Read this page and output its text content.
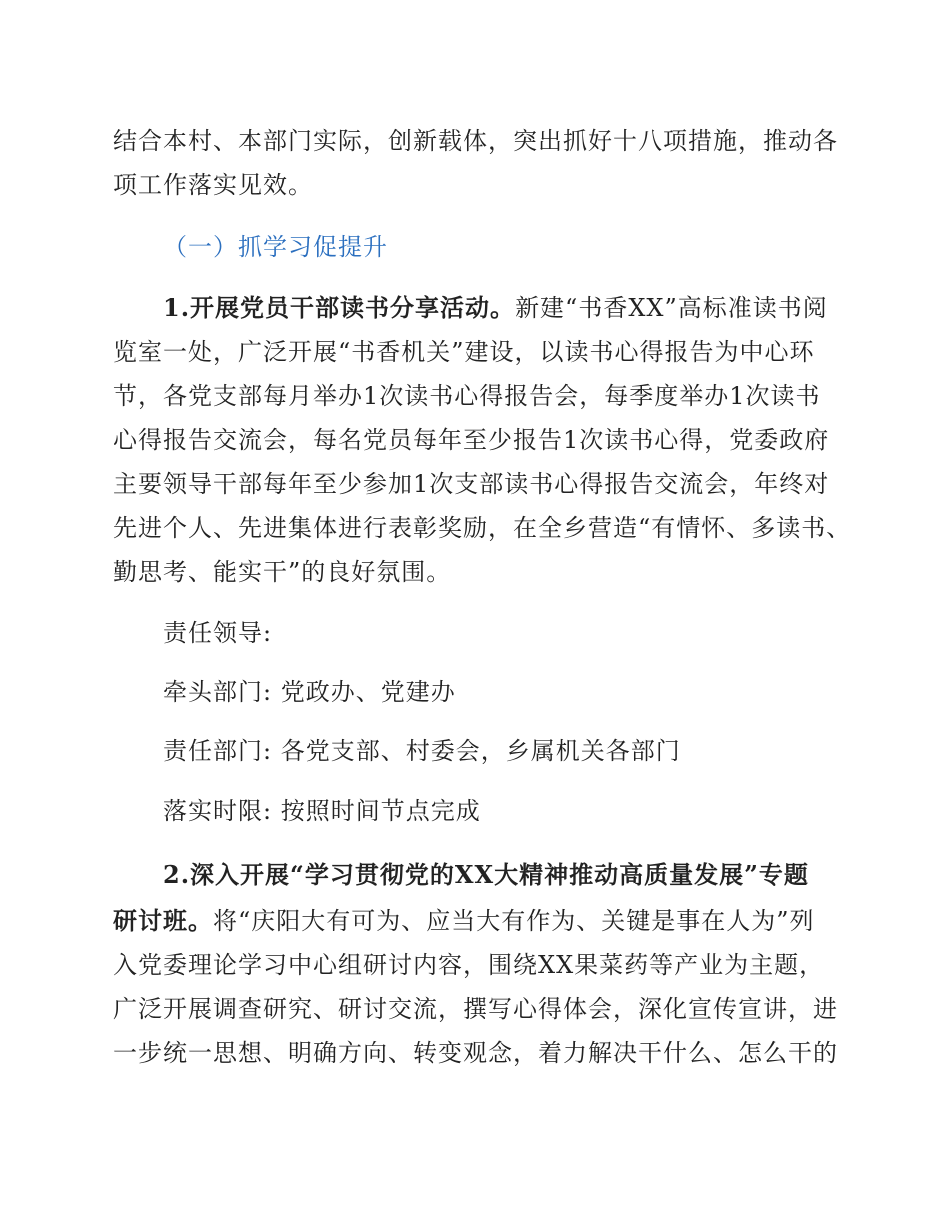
结合本村、本部门实际，创新载体，突出抓好十八项措施，推动各
项工作落实见效。
（一）抓学习促提升
1.开展党员干部读书分享活动。新建“书香XX”高标准读书阅
览室一处，广泛开展“书香机关”建设，以读书心得报告为中心环
节，各党支部每月举办1次读书心得报告会，每季度举办1次读书
心得报告交流会，每名党员每年至少报告1次读书心得，党委政府
主要领导干部每年至少参加1次支部读书心得报告交流会，年终对
先进个人、先进集体进行表彰奖励，在全乡营造“有情怀、多读书、
勤思考、能实干”的良好氛围。
责任领导:
牵头部门: 党政办、党建办
责任部门: 各党支部、村委会，乡属机关各部门
落实时限: 按照时间节点完成
2.深入开展“学习贯彻党的XX大精神推动高质量发展”专题
研讨班。将“庆阳大有可为、应当大有作为、关键是事在人为”列
入党委理论学习中心组研讨内容，围绕XX果菜药等产业为主题，
广泛开展调查研究、研讨交流，撰写心得体会，深化宣传宣讲，进
一步统一思想、明确方向、转变观念，着力解决干什么、怎么干的
